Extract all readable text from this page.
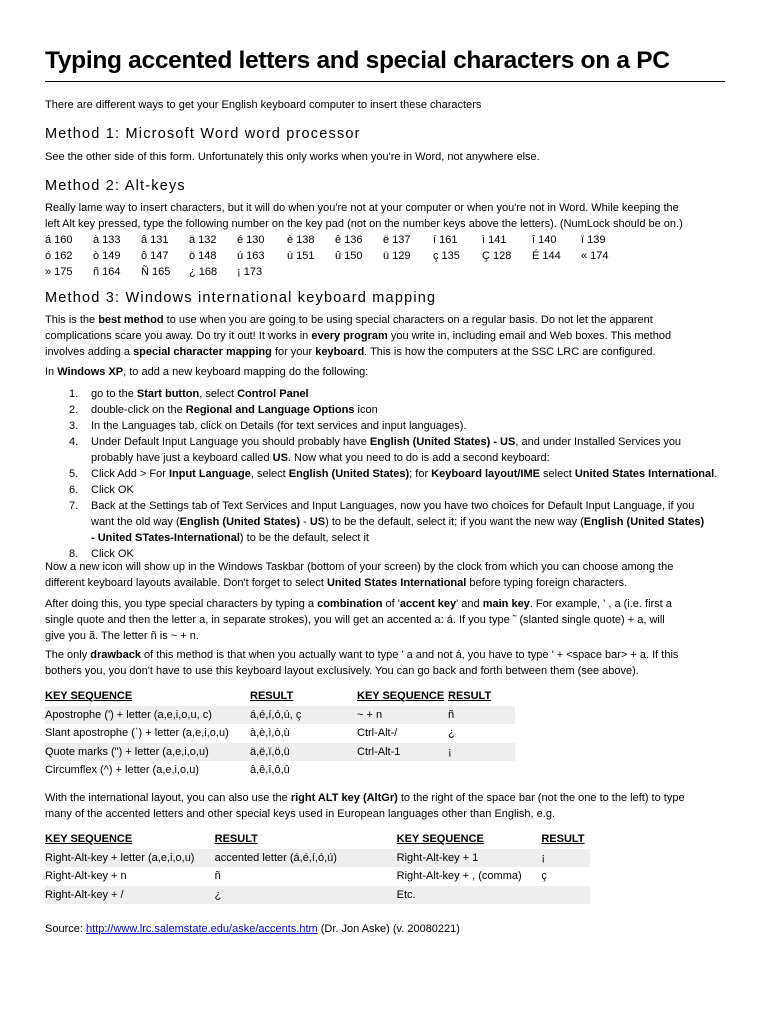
Typing accented letters and special characters on a PC
There are different ways to get your English keyboard computer to insert these characters
Method 1: Microsoft Word word processor
See the other side of this form. Unfortunately this only works when you're in Word, not anywhere else.
Method 2: Alt-keys
Really lame way to insert characters, but it will do when you're not at your computer or when you're not in Word. While keeping the
left Alt key pressed, type the following number on the key pad (not on the number keys above the letters). (NumLock should be on.)
á 160 à 133 â 131 ä 132 é 130 è 138 ê 136 ë 137 í 161 ì 141 î 140 ï 139
ó 162 ò 149 ô 147 ö 148 ú 163 ù 151 û 150 ü 129 ç 135 Ç 128 É 144 « 174
» 175 ñ 164 Ñ 165 ¿ 168 ¡ 173
Method 3: Windows international keyboard mapping
This is the best method to use when you are going to be using special characters on a regular basis. Do not let the apparent
complications scare you away. Do try it out! It works in every program you write in, including email and Web boxes. This method
involves adding a special character mapping for your keyboard. This is how the computers at the SSC LRC are configured.
In Windows XP, to add a new keyboard mapping do the following:
1. go to the Start button, select Control Panel
2. double-click on the Regional and Language Options icon
3. In the Languages tab, click on Details (for text services and input languages).
4. Under Default Input Language you should probably have English (United States) - US, and under Installed Services you
probably have just a keyboard called US. Now what you need to do is add a second keyboard:
5. Click Add > For Input Language, select English (United States); for Keyboard layout/IME select United States International.
6. Click OK
7. Back at the Settings tab of Text Services and Input Languages, now you have two choices for Default Input Language, if you
want the old way (English (United States) - US) to be the default, select it; if you want the new way (English (United States)
- United STates-International) to be the default, select it
8. Click OK
Now a new icon will show up in the Windows Taskbar (bottom of your screen) by the clock from which you can choose among the
different keyboard layouts available. Don't forget to select United States International before typing foreign characters.
After doing this, you type special characters by typing a combination of 'accent key' and main key. For example, ' , a (i.e. first a
single quote and then the letter a, in separate strokes), you will get an accented a: á. If you type ˜ (slanted single quote) + a, will
give you ã. The letter ñ is ~ + n.
The only drawback of this method is that when you actually want to type ' a and not á, you have to type ' + <space bar> + a. If this
bothers you, you don't have to use this keyboard layout exclusively. You can go back and forth between them (see above).
KEY SEQUENCE	RESULT	KEY SEQUENCE	RESULT
Apostrophe (') + letter (a,e,i,o,u, c)	á,é,í,ó,ú, ç	~ + n	ñ
Slant apostrophe (`) + letter (a,e,i,o,u)	à,è,ì,ò,ù	Ctrl-Alt-/	¿
Quote marks (") + letter (a,e,i,o,u)	ä,ë,ï,ö,ü	Ctrl-Alt-1	¡
Circumflex (^) + letter (a,e,i,o,u)	â,ê,î,ô,û		
With the international layout, you can also use the right ALT key (AltGr) to the right of the space bar (not the one to the left) to type
many of the accented letters and other special keys used in European languages other than English, e.g.
KEY SEQUENCE	RESULT	KEY SEQUENCE	RESULT
Right-Alt-key + letter (a,e,i,o,u)	accented letter (á,é,í,ó,ú)	Right-Alt-key + 1	¡
Right-Alt-key + n	ñ	Right-Alt-key + , (comma)	ç
Right-Alt-key + /	¿	Etc.	
Source: http://www.lrc.salemstate.edu/aske/accents.htm (Dr. Jon Aske) (v. 20080221)
